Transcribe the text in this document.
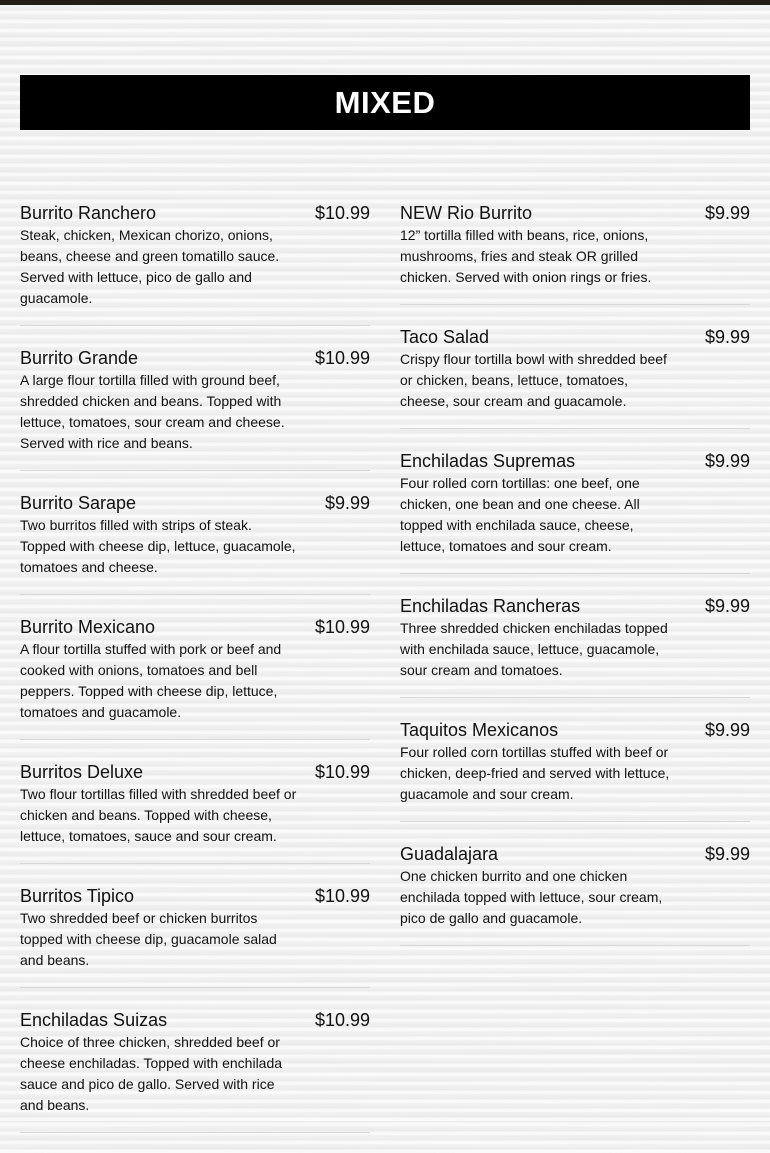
MIXED
Burrito Ranchero	$10.99
Steak, chicken, Mexican chorizo, onions, beans, cheese and green tomatillo sauce. Served with lettuce, pico de gallo and guacamole.
Burrito Grande	$10.99
A large flour tortilla filled with ground beef, shredded chicken and beans. Topped with lettuce, tomatoes, sour cream and cheese. Served with rice and beans.
Burrito Sarape	$9.99
Two burritos filled with strips of steak. Topped with cheese dip, lettuce, guacamole, tomatoes and cheese.
Burrito Mexicano	$10.99
A flour tortilla stuffed with pork or beef and cooked with onions, tomatoes and bell peppers. Topped with cheese dip, lettuce, tomatoes and guacamole.
Burritos Deluxe	$10.99
Two flour tortillas filled with shredded beef or chicken and beans. Topped with cheese, lettuce, tomatoes, sauce and sour cream.
Burritos Tipico	$10.99
Two shredded beef or chicken burritos topped with cheese dip, guacamole salad and beans.
Enchiladas Suizas	$10.99
Choice of three chicken, shredded beef or cheese enchiladas. Topped with enchilada sauce and pico de gallo. Served with rice and beans.
NEW Rio Burrito	$9.99
12” tortilla filled with beans, rice, onions, mushrooms, fries and steak OR grilled chicken. Served with onion rings or fries.
Taco Salad	$9.99
Crispy flour tortilla bowl with shredded beef or chicken, beans, lettuce, tomatoes, cheese, sour cream and guacamole.
Enchiladas Supremas	$9.99
Four rolled corn tortillas: one beef, one chicken, one bean and one cheese. All topped with enchilada sauce, cheese, lettuce, tomatoes and sour cream.
Enchiladas Rancheras	$9.99
Three shredded chicken enchiladas topped with enchilada sauce, lettuce, guacamole, sour cream and tomatoes.
Taquitos Mexicanos	$9.99
Four rolled corn tortillas stuffed with beef or chicken, deep-fried and served with lettuce, guacamole and sour cream.
Guadalajara	$9.99
One chicken burrito and one chicken enchilada topped with lettuce, sour cream, pico de gallo and guacamole.
